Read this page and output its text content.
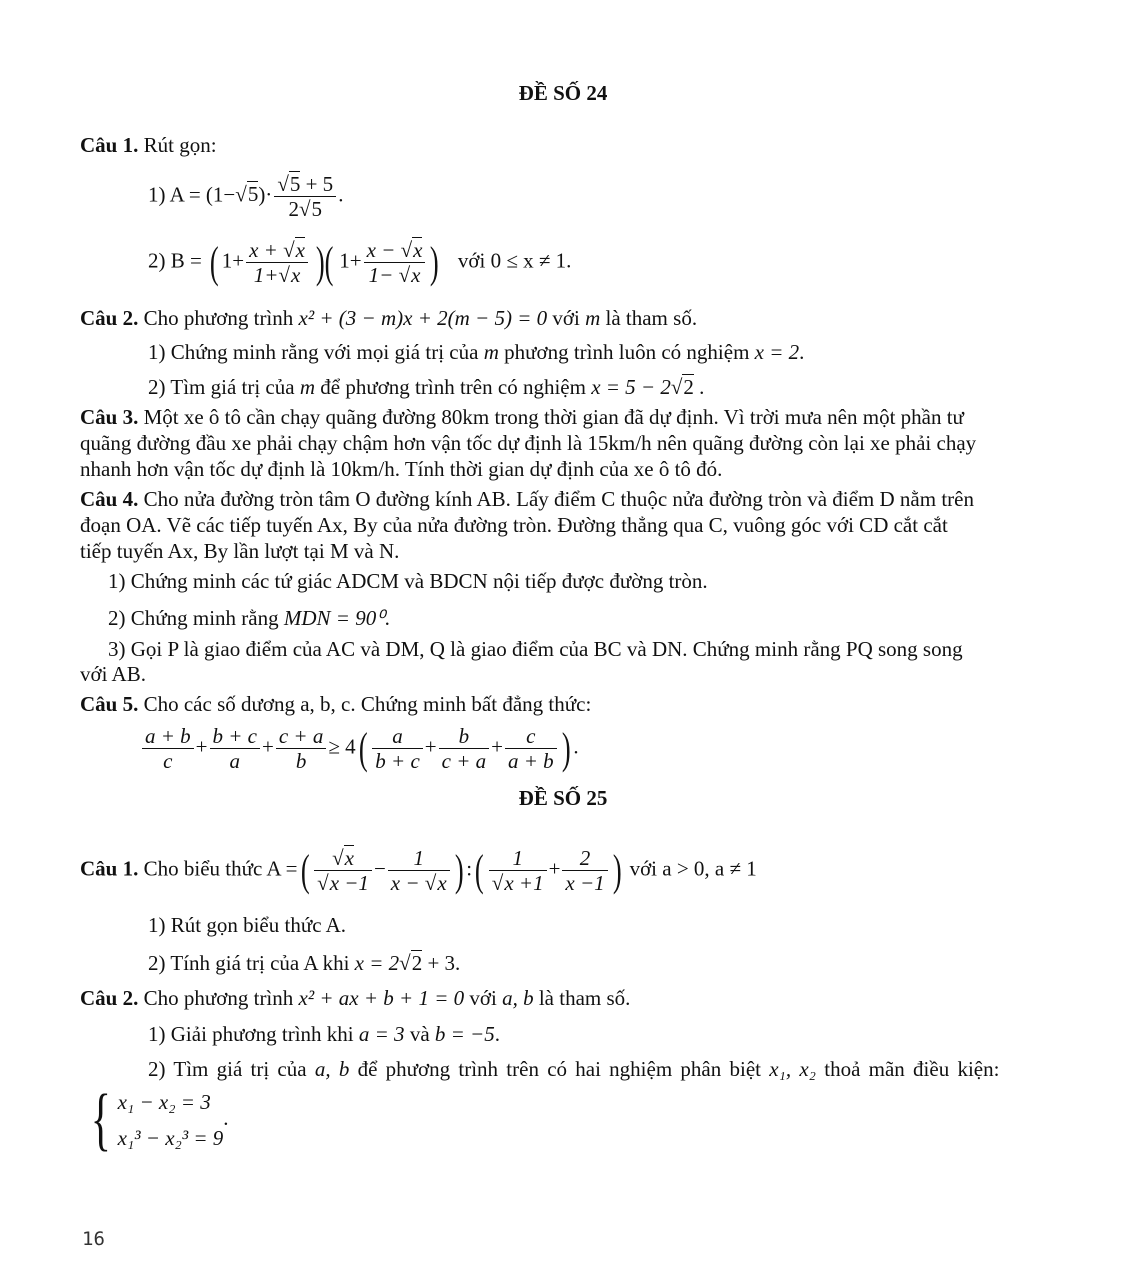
ĐỀ SỐ 24
Câu 1. Rút gọn:
1) $A = (1-√5)\cdot \frac{√5 + 5}{2√5}$ .
2) B = ( $1+ \frac{x + √x}{1+√x}$ )( $1+ \frac{x - √x}{1- √x}$ ) với 0 ≤ x ≠ 1.
Câu 2. Cho phương trình x² + (3 − m)x + 2(m − 5) = 0 với m là tham số.
1) Chứng minh rằng với mọi giá trị của m phương trình luôn có nghiệm x = 2.
2) Tìm giá trị của m để phương trình trên có nghiệm x = 5 − 2√2 .
Câu 3. Một xe ô tô cần chạy quãng đường 80km trong thời gian đã dự định. Vì trời mưa nên một phần tư
quãng đường đầu xe phải chạy chậm hơn vận tốc dự định là 15km/h nên quãng đường còn lại xe phải chạy
nhanh hơn vận tốc dự định là 10km/h. Tính thời gian dự định của xe ô tô đó.
Câu 4. Cho nửa đường tròn tâm O đường kính AB. Lấy điểm C thuộc nửa đường tròn và điểm D nằm trên
đoạn OA. Vẽ các tiếp tuyến Ax, By của nửa đường tròn. Đường thẳng qua C, vuông góc với CD cắt cắt
tiếp tuyến Ax, By lần lượt tại M và N.
1) Chứng minh các tứ giác ADCM và BDCN nội tiếp được đường tròn.
2) Chứng minh rằng MDN = 90⁰.
3) Gọi P là giao điểm của AC và DM, Q là giao điểm của BC và DN. Chứng minh rằng PQ song song
với AB.
Câu 5. Cho các số dương a, b, c. Chứng minh bất đẳng thức:
$\frac{a + b}{c} + \frac{b + c}{a} + \frac{c + a}{b} \ge 4( \frac{a}{b + c} + \frac{b}{c + a} + \frac{c}{a + b}$ ) .
ĐỀ SỐ 25
Câu 1. Cho biểu thức A =( $\frac{√x}{√x -1} - \frac{1}{x - √x}$ ) :( $\frac{1}{√x +1} + \frac{2}{x -1}$ ) với a > 0, a ≠ 1
1) Rút gọn biểu thức A.
2) Tính giá trị của A khi x = 2√2 + 3.
Câu 2. Cho phương trình x² + ax + b + 1 = 0 với a, b là tham số.
1) Giải phương trình khi a = 3 và b = −5.
2) Tìm giá trị của a, b để phương trình trên có hai nghiệm phân biệt x₁, x₂ thoả mãn điều kiện:
{ x₁ − x₂ = 3
x₁³ − x₂³ = 9
.
16
